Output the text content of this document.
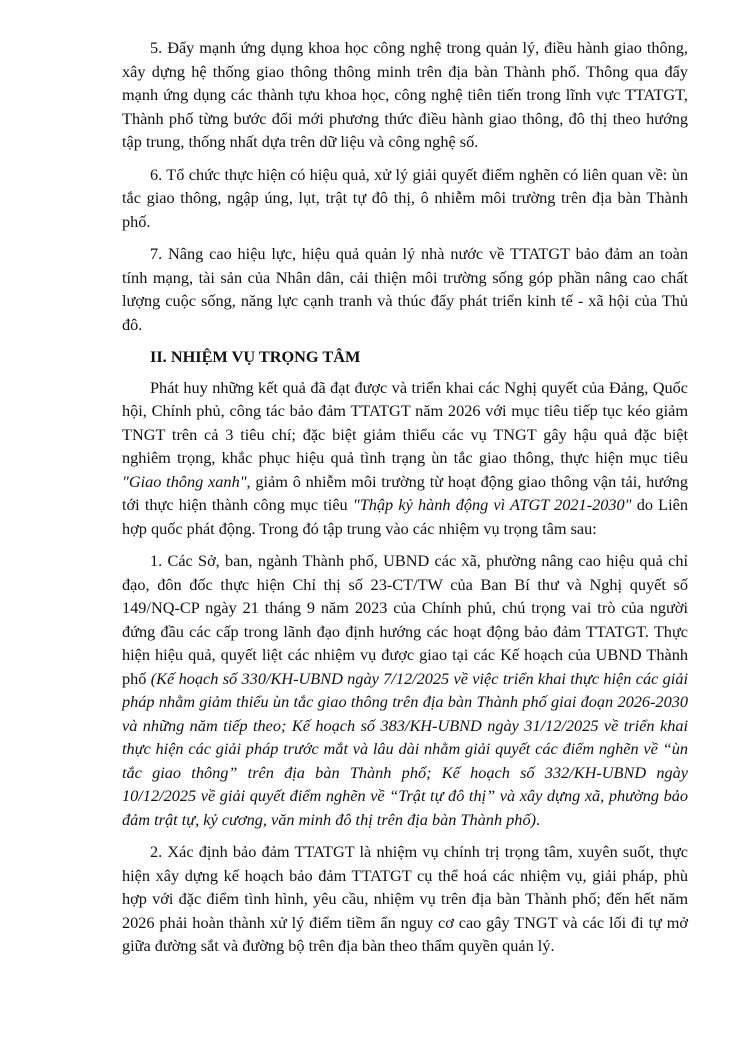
5. Đẩy mạnh ứng dụng khoa học công nghệ trong quản lý, điều hành giao thông, xây dựng hệ thống giao thông thông minh trên địa bàn Thành phố. Thông qua đẩy mạnh ứng dụng các thành tựu khoa học, công nghệ tiên tiến trong lĩnh vực TTATGT, Thành phố từng bước đổi mới phương thức điều hành giao thông, đô thị theo hướng tập trung, thống nhất dựa trên dữ liệu và công nghệ số.

6. Tổ chức thực hiện có hiệu quả, xử lý giải quyết điểm nghẽn có liên quan về: ùn tắc giao thông, ngập úng, lụt, trật tự đô thị, ô nhiễm môi trường trên địa bàn Thành phố.

7. Nâng cao hiệu lực, hiệu quả quản lý nhà nước về TTATGT bảo đảm an toàn tính mạng, tài sản của Nhân dân, cải thiện môi trường sống góp phần nâng cao chất lượng cuộc sống, năng lực cạnh tranh và thúc đẩy phát triển kinh tế - xã hội của Thủ đô.

II. NHIỆM VỤ TRỌNG TÂM

Phát huy những kết quả đã đạt được và triển khai các Nghị quyết của Đảng, Quốc hội, Chính phủ, công tác bảo đảm TTATGT năm 2026 với mục tiêu tiếp tục kéo giảm TNGT trên cả 3 tiêu chí; đặc biệt giảm thiểu các vụ TNGT gây hậu quả đặc biệt nghiêm trọng, khắc phục hiệu quả tình trạng ùn tắc giao thông, thực hiện mục tiêu "Giao thông xanh", giảm ô nhiễm môi trường từ hoạt động giao thông vận tải, hướng tới thực hiện thành công mục tiêu "Thập kỷ hành động vì ATGT 2021-2030" do Liên hợp quốc phát động. Trong đó tập trung vào các nhiệm vụ trọng tâm sau:

1. Các Sở, ban, ngành Thành phố, UBND các xã, phường nâng cao hiệu quả chỉ đạo, đôn đốc thực hiện Chỉ thị số 23-CT/TW của Ban Bí thư và Nghị quyết số 149/NQ-CP ngày 21 tháng 9 năm 2023 của Chính phủ, chú trọng vai trò của người đứng đầu các cấp trong lãnh đạo định hướng các hoạt động bảo đảm TTATGT. Thực hiện hiệu quả, quyết liệt các nhiệm vụ được giao tại các Kế hoạch của UBND Thành phố (Kế hoạch số 330/KH-UBND ngày 7/12/2025 về việc triển khai thực hiện các giải pháp nhằm giảm thiểu ùn tắc giao thông trên địa bàn Thành phố giai đoạn 2026-2030 và những năm tiếp theo; Kế hoạch số 383/KH-UBND ngày 31/12/2025 về triển khai thực hiện các giải pháp trước mắt và lâu dài nhằm giải quyết các điểm nghẽn về “ùn tắc giao thông” trên địa bàn Thành phố; Kế hoạch số 332/KH-UBND ngày 10/12/2025 về giải quyết điểm nghẽn về “Trật tự đô thị” và xây dựng xã, phường bảo đảm trật tự, kỷ cương, văn minh đô thị trên địa bàn Thành phố).

2. Xác định bảo đảm TTATGT là nhiệm vụ chính trị trọng tâm, xuyên suốt, thực hiện xây dựng kế hoạch bảo đảm TTATGT cụ thể hoá các nhiệm vụ, giải pháp, phù hợp với đặc điểm tình hình, yêu cầu, nhiệm vụ trên địa bàn Thành phố; đến hết năm 2026 phải hoàn thành xử lý điểm tiềm ẩn nguy cơ cao gây TNGT và các lối đi tự mở giữa đường sắt và đường bộ trên địa bàn theo thẩm quyền quản lý.
